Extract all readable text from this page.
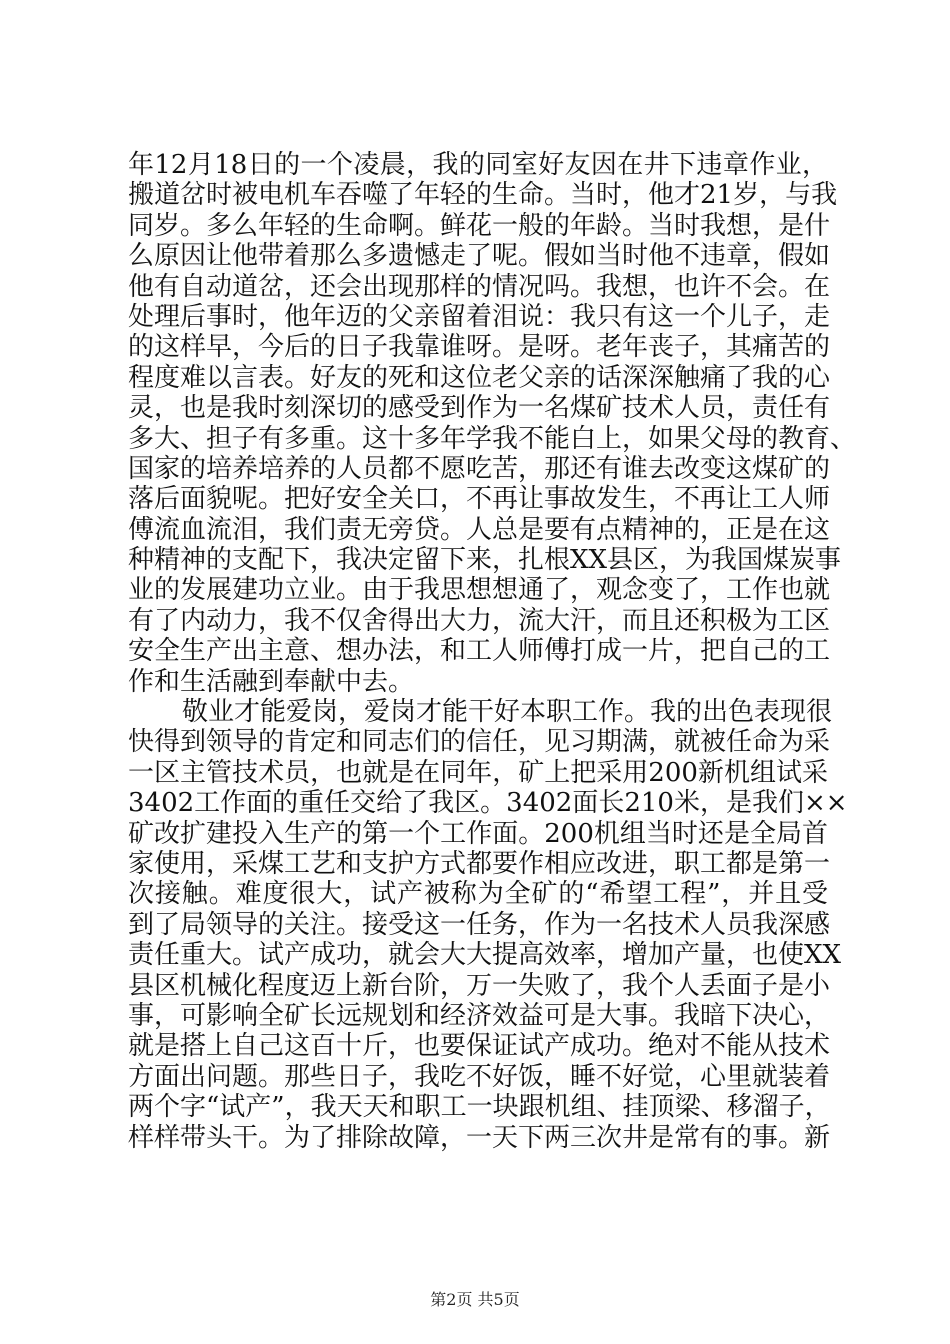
年12月18日的一个凌晨，我的同室好友因在井下违章作业，
搬道岔时被电机车吞噬了年轻的生命。当时，他才21岁，与我
同岁。多么年轻的生命啊。鲜花一般的年龄。当时我想，是什
么原因让他带着那么多遗憾走了呢。假如当时他不违章，假如
他有自动道岔，还会出现那样的情况吗。我想，也许不会。在
处理后事时，他年迈的父亲留着泪说：我只有这一个儿子，走
的这样早，今后的日子我靠谁呀。是呀。老年丧子，其痛苦的
程度难以言表。好友的死和这位老父亲的话深深触痛了我的心
灵，也是我时刻深切的感受到作为一名煤矿技术人员，责任有
多大、担子有多重。这十多年学我不能白上，如果父母的教育、
国家的培养培养的人员都不愿吃苦，那还有谁去改变这煤矿的
落后面貌呢。把好安全关口，不再让事故发生，不再让工人师
傅流血流泪，我们责无旁贷。人总是要有点精神的，正是在这
种精神的支配下，我决定留下来，扎根XX县区，为我国煤炭事
业的发展建功立业。由于我思想想通了，观念变了，工作也就
有了内动力，我不仅舍得出大力，流大汗，而且还积极为工区
安全生产出主意、想办法，和工人师傅打成一片，把自己的工
作和生活融到奉献中去。
敬业才能爱岗，爱岗才能干好本职工作。我的出色表现很
快得到领导的肯定和同志们的信任，见习期满，就被任命为采
一区主管技术员，也就是在同年，矿上把采用200新机组试采
3402工作面的重任交给了我区。3402面长210米，是我们××
矿改扩建投入生产的第一个工作面。200机组当时还是全局首
家使用，采煤工艺和支护方式都要作相应改进，职工都是第一
次接触。难度很大，试产被称为全矿的“希望工程”，并且受
到了局领导的关注。接受这一任务，作为一名技术人员我深感
责任重大。试产成功，就会大大提高效率，增加产量，也使XX
县区机械化程度迈上新台阶，万一失败了，我个人丢面子是小
事，可影响全矿长远规划和经济效益可是大事。我暗下决心，
就是搭上自己这百十斤，也要保证试产成功。绝对不能从技术
方面出问题。那些日子，我吃不好饭，睡不好觉，心里就装着
两个字“试产”，我天天和职工一块跟机组、挂顶梁、移溜子，
样样带头干。为了排除故障，一天下两三次井是常有的事。新
第2页 共5页
